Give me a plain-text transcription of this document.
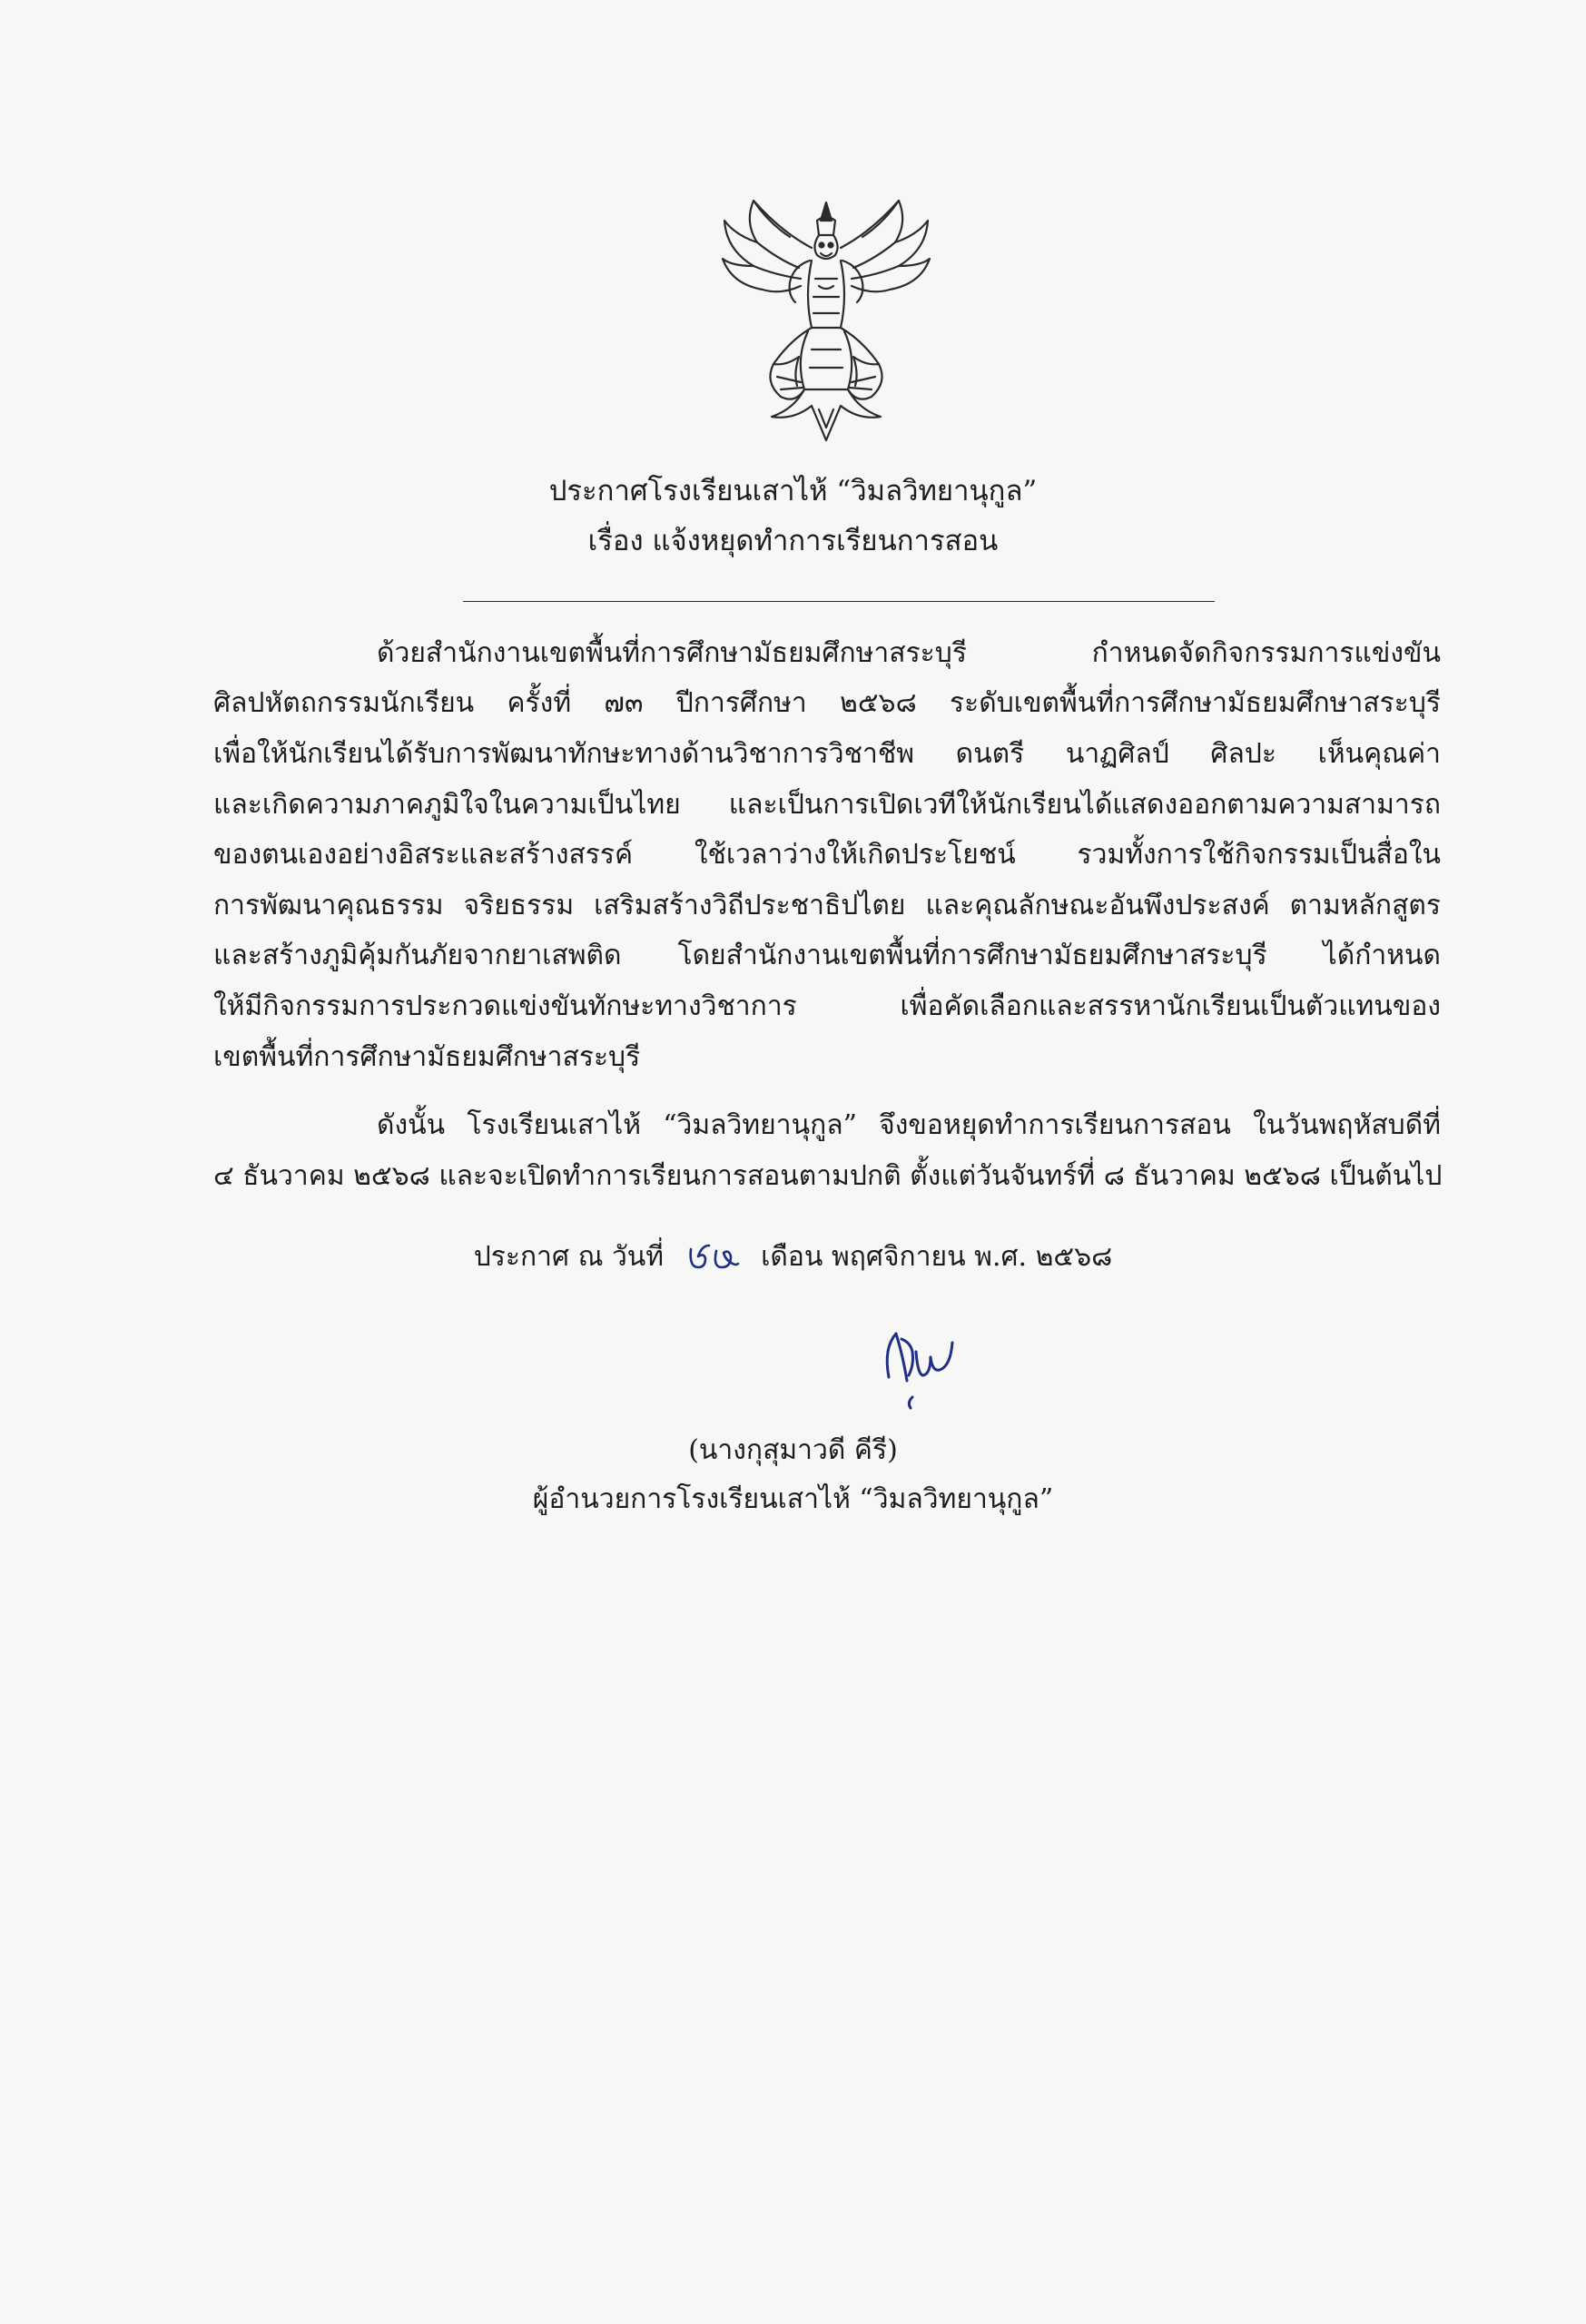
ประกาศโรงเรียนเสาไห้ “วิมลวิทยานุกูล”
เรื่อง แจ้งหยุดทำการเรียนการสอน
ด้วยสำนักงานเขตพื้นที่การศึกษามัธยมศึกษาสระบุรี กำหนดจัดกิจกรรมการแข่งขัน
ศิลปหัตถกรรมนักเรียน ครั้งที่ ๗๓ ปีการศึกษา ๒๕๖๘ ระดับเขตพื้นที่การศึกษามัธยมศึกษาสระบุรี
เพื่อให้นักเรียนได้รับการพัฒนาทักษะทางด้านวิชาการวิชาชีพ ดนตรี นาฏศิลป์ ศิลปะ เห็นคุณค่า
และเกิดความภาคภูมิใจในความเป็นไทย และเป็นการเปิดเวทีให้นักเรียนได้แสดงออกตามความสามารถ
ของตนเองอย่างอิสระและสร้างสรรค์ ใช้เวลาว่างให้เกิดประโยชน์ รวมทั้งการใช้กิจกรรมเป็นสื่อใน
การพัฒนาคุณธรรม จริยธรรม เสริมสร้างวิถีประชาธิปไตย และคุณลักษณะอันพึงประสงค์ ตามหลักสูตร
และสร้างภูมิคุ้มกันภัยจากยาเสพติด โดยสำนักงานเขตพื้นที่การศึกษามัธยมศึกษาสระบุรี ได้กำหนด
ให้มีกิจกรรมการประกวดแข่งขันทักษะทางวิชาการ เพื่อคัดเลือกและสรรหานักเรียนเป็นตัวแทนของ
เขตพื้นที่การศึกษามัธยมศึกษาสระบุรี
ดังนั้น โรงเรียนเสาไห้ “วิมลวิทยานุกูล” จึงขอหยุดทำการเรียนการสอน ในวันพฤหัสบดีที่
๔ ธันวาคม ๒๕๖๘ และจะเปิดทำการเรียนการสอนตามปกติ ตั้งแต่วันจันทร์ที่ ๘ ธันวาคม ๒๕๖๘ เป็นต้นไป
ประกาศ ณ วันที่	เดือน พฤศจิกายน พ.ศ. ๒๕๖๘
(นางกุสุมาวดี คีรี)
ผู้อำนวยการโรงเรียนเสาไห้ “วิมลวิทยานุกูล”
